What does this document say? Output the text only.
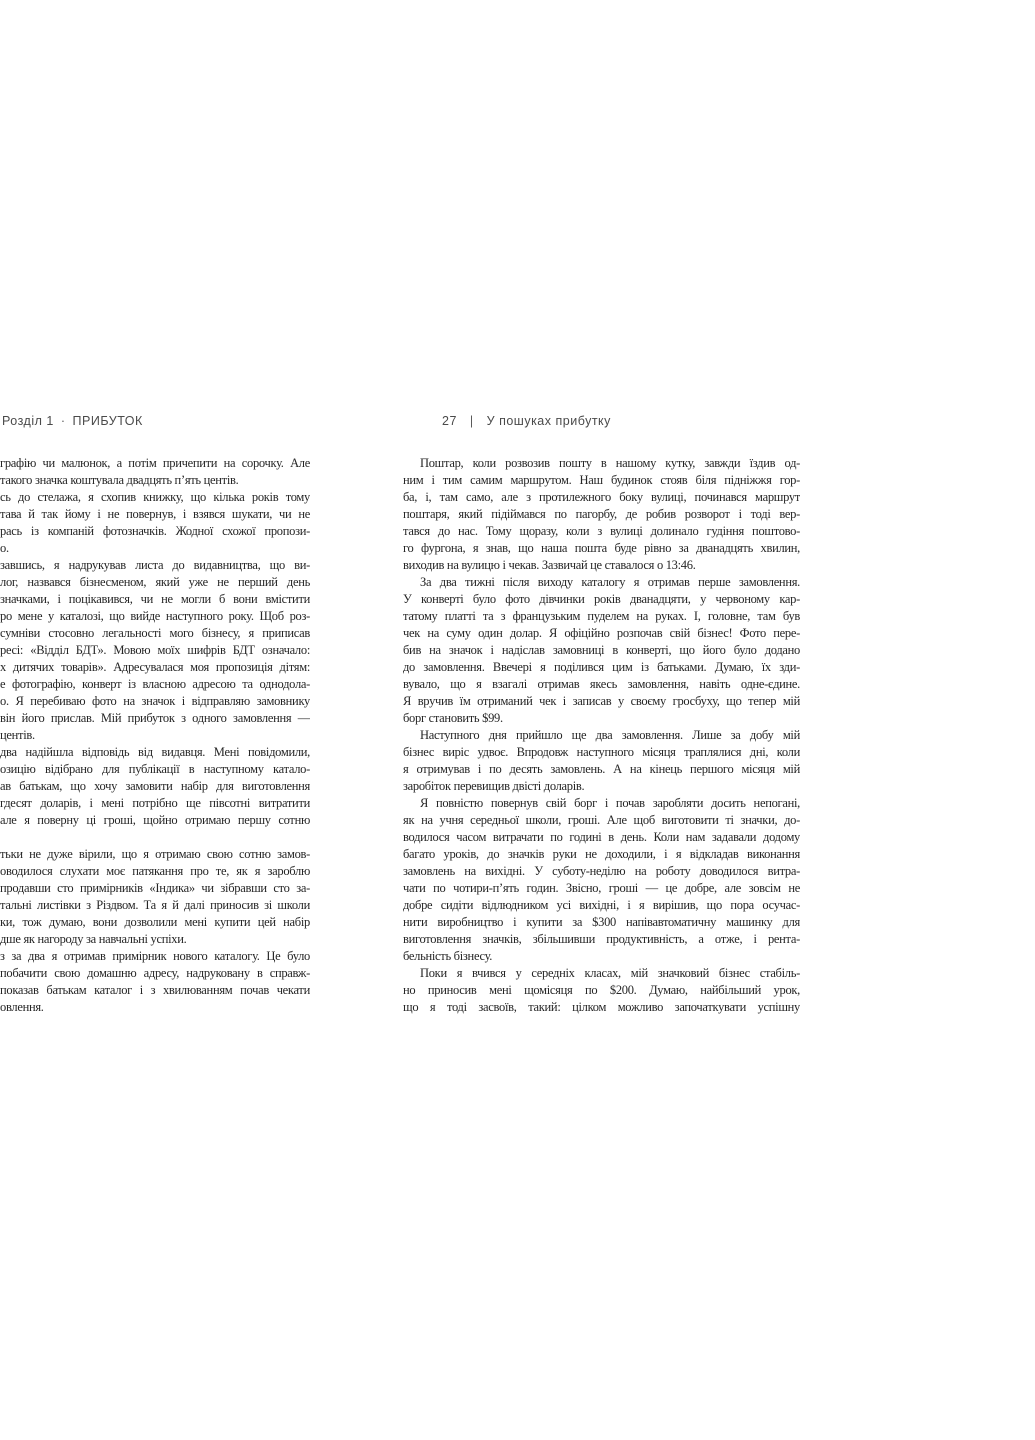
Розділ 1 · ПРИБУТОК	27 | У пошуках прибутку
графію чи малюнок, а потім причепити на сорочку. Але
такого значка коштувала двадцять п’ять центів.
сь до стелажа, я схопив книжку, що кілька років тому
тава й так йому і не повернув, і взявся шукати, чи не
рась із компаній фотозначків. Жодної схожої пропози-
о.
завшись, я надрукував листа до видавництва, що ви-
лог, назвався бізнесменом, який уже не перший день
значками, і поцікавився, чи не могли б вони вмістити
ро мене у каталозі, що вийде наступного року. Щоб роз-
сумніви стосовно легальності мого бізнесу, я приписав
ресі: «Відділ БДТ». Мовою моїх шифрів БДТ означало:
х дитячих товарів». Адресувалася моя пропозиція дітям:
е фотографію, конверт із власною адресою та однодола-
о. Я перебиваю фото на значок і відправляю замовнику
він його прислав. Мій прибуток з одного замовлення —
центів.
два надійшла відповідь від видавця. Мені повідомили,
озицію відібрано для публікації в наступному катало-
ав батькам, що хочу замовити набір для виготовлення
гдесят доларів, і мені потрібно ще півсотні витратити
але я поверну ці гроші, щойно отримаю першу сотню
тьки не дуже вірили, що я отримаю свою сотню замов-
оводилося слухати моє патякання про те, як я зароблю
продавши сто примірників «Індика» чи зібравши сто за-
тальні листівки з Різдвом. Та я й далі приносив зі школи
ки, тож думаю, вони дозволили мені купити цей набір
дше як нагороду за навчальні успіхи.
з за два я отримав примірник нового каталогу. Це було
побачити свою домашню адресу, надруковану в справж-
показав батькам каталог і з хвилюванням почав чекати
овлення.
Поштар, коли розвозив пошту в нашому кутку, завжди їздив од-
ним і тим самим маршрутом. Наш будинок стояв біля підніжжя гор-
ба, і, там само, але з протилежного боку вулиці, починався маршрут
поштаря, який підіймався по пагорбу, де робив розворот і тоді вер-
тався до нас. Тому щоразу, коли з вулиці долинало гудіння поштово-
го фургона, я знав, що наша пошта буде рівно за дванадцять хвилин,
виходив на вулицю і чекав. Зазвичай це ставалося о 13:46.
За два тижні після виходу каталогу я отримав перше замовлення.
У конверті було фото дівчинки років дванадцяти, у червоному кар-
татому платті та з французьким пуделем на руках. І, головне, там був
чек на суму один долар. Я офіційно розпочав свій бізнес! Фото пере-
бив на значок і надіслав замовниці в конверті, що його було додано
до замовлення. Ввечері я поділився цим із батьками. Думаю, їх зди-
вувало, що я взагалі отримав якесь замовлення, навіть одне-єдине.
Я вручив їм отриманий чек і записав у своєму гросбуху, що тепер мій
борг становить $99.
Наступного дня прийшло ще два замовлення. Лише за добу мій
бізнес виріс удвоє. Впродовж наступного місяця траплялися дні, коли
я отримував і по десять замовлень. А на кінець першого місяця мій
заробіток перевищив двісті доларів.
Я повністю повернув свій борг і почав заробляти досить непогані,
як на учня середньої школи, гроші. Але щоб виготовити ті значки, до-
водилося часом витрачати по годині в день. Коли нам задавали додому
багато уроків, до значків руки не доходили, і я відкладав виконання
замовлень на вихідні. У суботу-неділю на роботу доводилося витра-
чати по чотири-п’ять годин. Звісно, гроші — це добре, але зовсім не
добре сидіти відлюдником усі вихідні, і я вирішив, що пора осучас-
нити виробництво і купити за $300 напівавтоматичну машинку для
виготовлення значків, збільшивши продуктивність, а отже, і рента-
бельність бізнесу.
Поки я вчився у середніх класах, мій значковий бізнес стабіль-
но приносив мені щомісяця по $200. Думаю, найбільший урок,
що я тоді засвоїв, такий: цілком можливо започаткувати успішну
